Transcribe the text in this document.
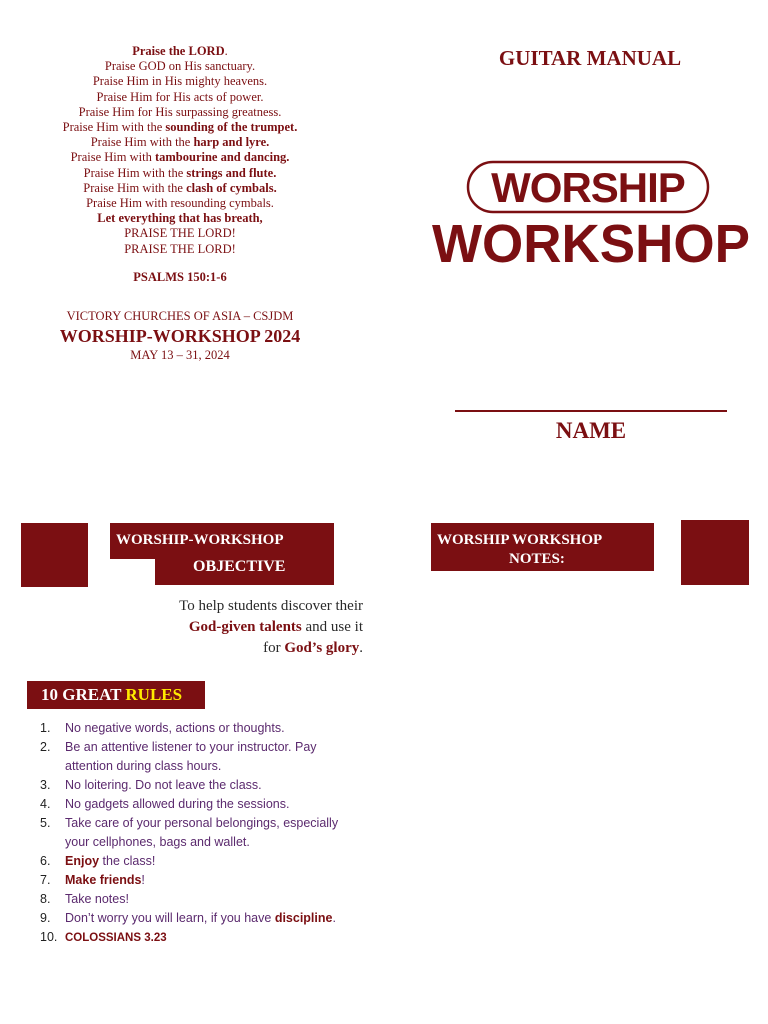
Praise the LORD.
Praise GOD on His sanctuary.
Praise Him in His mighty heavens.
Praise Him for His acts of power.
Praise Him for His surpassing greatness.
Praise Him with the sounding of the trumpet.
Praise Him with the harp and lyre.
Praise Him with tambourine and dancing.
Praise Him with the strings and flute.
Praise Him with the clash of cymbals.
Praise Him with resounding cymbals.
Let everything that has breath,
PRAISE THE LORD!
PRAISE THE LORD!
PSALMS 150:1-6
VICTORY CHURCHES OF ASIA – CSJDM
WORSHIP-WORKSHOP 2024
MAY 13 – 31, 2024
GUITAR MANUAL
WORSHIP
WORKSHOP
NAME
WORSHIP-WORKSHOP
OBJECTIVE
To help students discover their
God-given talents and use it
for God’s glory.
WORSHIP WORKSHOP
NOTES:
10 GREAT RULES
1. No negative words, actions or thoughts.
2. Be an attentive listener to your instructor. Pay attention during class hours.
3. No loitering. Do not leave the class.
4. No gadgets allowed during the sessions.
5. Take care of your personal belongings, especially your cellphones, bags and wallet.
6. Enjoy the class!
7. Make friends!
8. Take notes!
9. Don’t worry you will learn, if you have discipline.
10. COLOSSIANS 3.23
